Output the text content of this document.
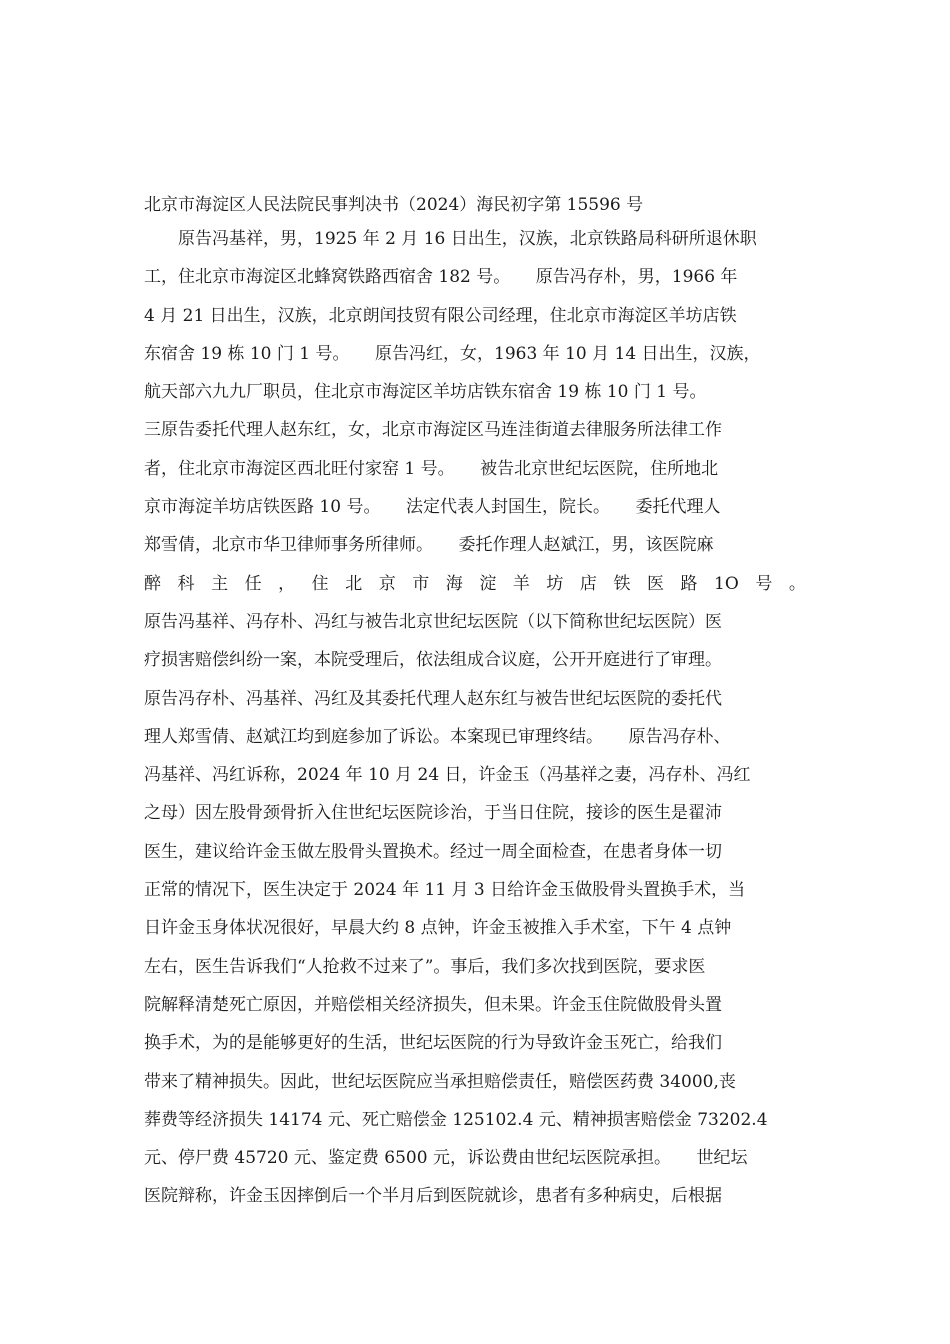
北京市海淀区人民法院民事判决书（2024）海民初字第 15596 号
原告冯基祥，男，1925 年 2 月 16 日出生，汉族，北京铁路局科研所退休职
工，住北京市海淀区北蜂窝铁路西宿舍 182 号。　　原告冯存朴，男，1966 年
4 月 21 日出生，汉族，北京朗闰技贸有限公司经理，住北京市海淀区羊坊店铁
东宿舍 19 栋 10 门 1 号。　　原告冯红，女，1963 年 10 月 14 日出生，汉族，
航天部六九九厂职员，住北京市海淀区羊坊店铁东宿舍 19 栋 10 门 1 号。
三原告委托代理人赵东红，女，北京市海淀区马连洼街道去律服务所法律工作
者，住北京市海淀区西北旺付家窑 1 号。　　被告北京世纪坛医院，住所地北
京市海淀羊坊店铁医路 10 号。　　法定代表人封国生，院长。　　委托代理人
郑雪倩，北京市华卫律师事务所律师。　　委托作理人赵斌江，男，该医院麻
醉 科 主 任 ， 住 北 京 市 海 淀 羊 坊 店 铁 医 路 1O 号 。
原告冯基祥、冯存朴、冯红与被告北京世纪坛医院（以下简称世纪坛医院）医
疗损害赔偿纠纷一案，本院受理后，依法组成合议庭，公开开庭进行了审理。
原告冯存朴、冯基祥、冯红及其委托代理人赵东红与被告世纪坛医院的委托代
理人郑雪倩、赵斌江均到庭参加了诉讼。本案现已审理终结。　　原告冯存朴、
冯基祥、冯红诉称，2024 年 10 月 24 日，许金玉（冯基祥之妻，冯存朴、冯红
之母）因左股骨颈骨折入住世纪坛医院诊治，于当日住院，接诊的医生是翟沛
医生，建议给许金玉做左股骨头置换术。经过一周全面检查，在患者身体一切
正常的情况下，医生决定于 2024 年 11 月 3 日给许金玉做股骨头置换手术，当
日许金玉身体状况很好，早晨大约 8 点钟，许金玉被推入手术室，下午 4 点钟
左右，医生告诉我们“人抢救不过来了”。事后，我们多次找到医院，要求医
院解释清楚死亡原因，并赔偿相关经济损失，但未果。许金玉住院做股骨头置
换手术，为的是能够更好的生活，世纪坛医院的行为导致许金玉死亡，给我们
带来了精神损失。因此，世纪坛医院应当承担赔偿责任，赔偿医药费 34000,丧
葬费等经济损失 14174 元、死亡赔偿金 125102.4 元、精神损害赔偿金 73202.4
元、停尸费 45720 元、鉴定费 6500 元，诉讼费由世纪坛医院承担。　　世纪坛
医院辩称，许金玉因摔倒后一个半月后到医院就诊，患者有多种病史，后根据
